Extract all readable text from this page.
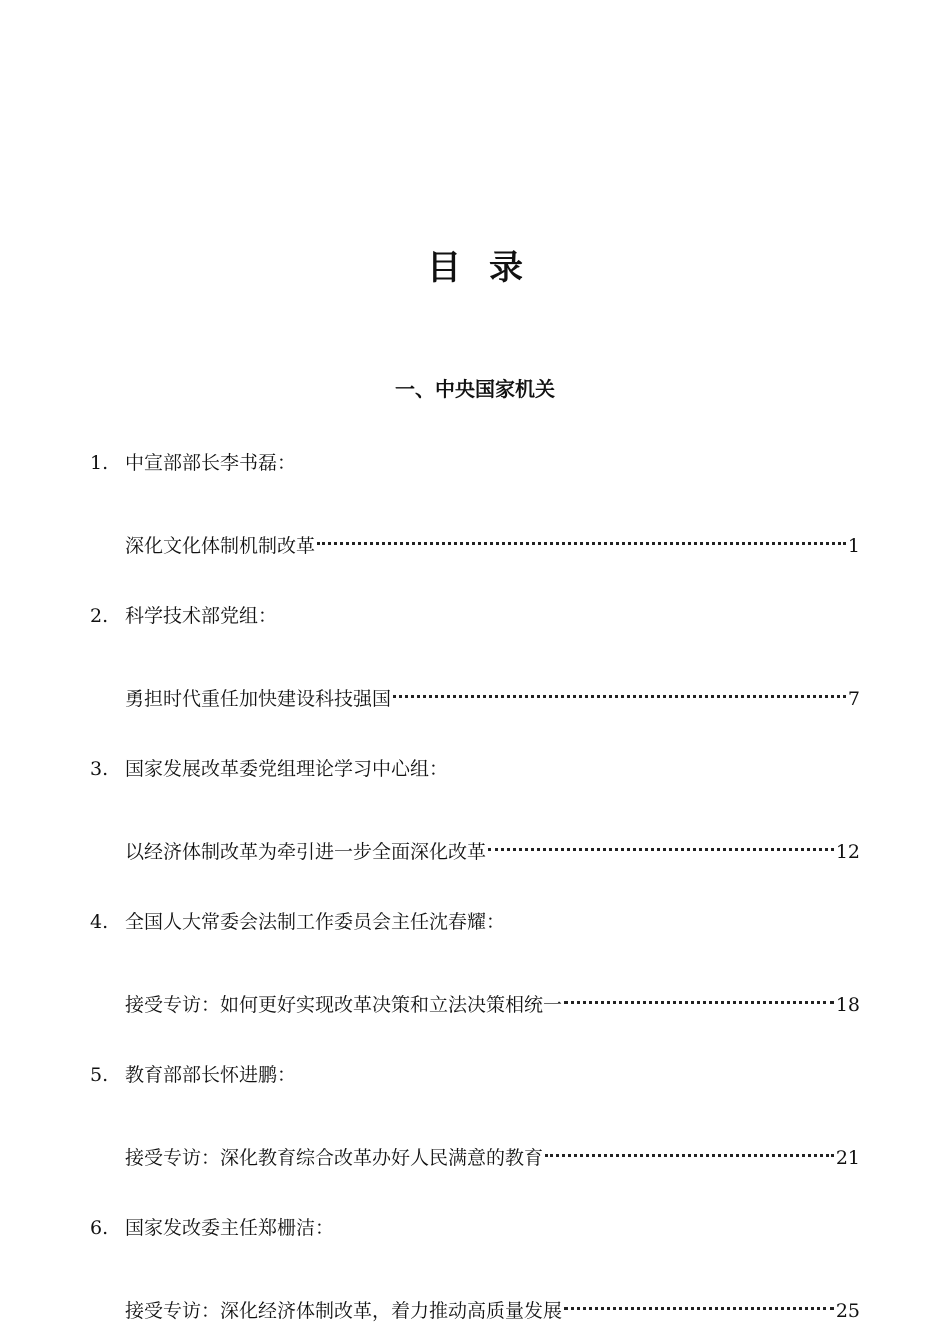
目 录
一、中央国家机关
1. 中宣部部长李书磊：
深化文化体制机制改革	1
2. 科学技术部党组：
勇担时代重任加快建设科技强国	7
3. 国家发展改革委党组理论学习中心组：
以经济体制改革为牵引进一步全面深化改革	12
4. 全国人大常委会法制工作委员会主任沈春耀：
接受专访：如何更好实现改革决策和立法决策相统一	18
5. 教育部部长怀进鹏：
接受专访：深化教育综合改革办好人民满意的教育	21
6. 国家发改委主任郑栅洁：
接受专访：深化经济体制改革，着力推动高质量发展	25
